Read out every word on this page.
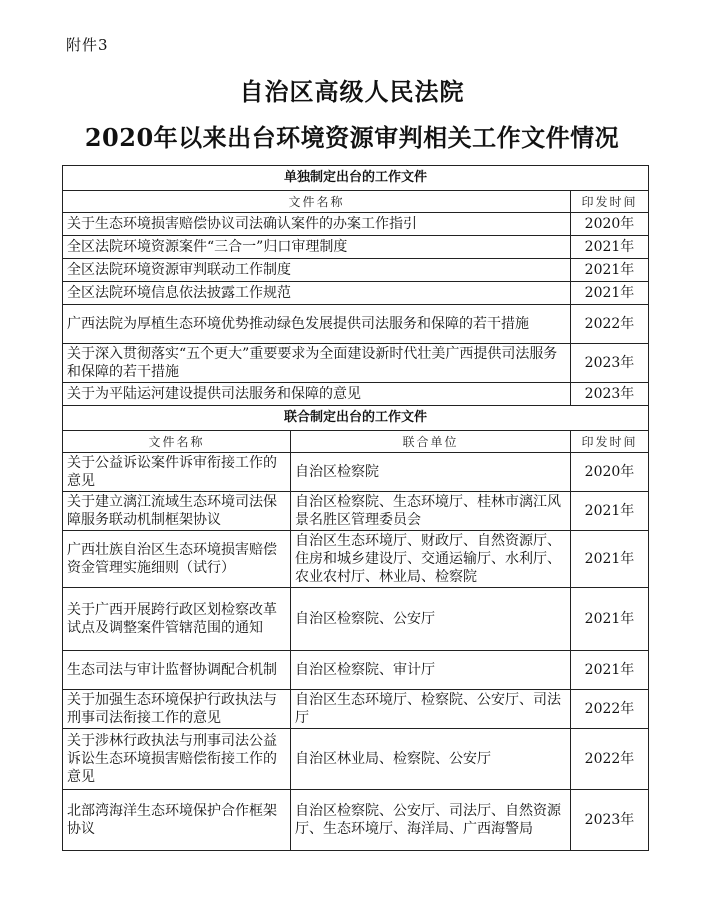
附件3
自治区高级人民法院
2020年以来出台环境资源审判相关工作文件情况
单独制定出台的工作文件		
文件名称		印发时间
关于生态环境损害赔偿协议司法确认案件的办案工作指引		2020年
全区法院环境资源案件“三合一”归口审理制度		2021年
全区法院环境资源审判联动工作制度		2021年
全区法院环境信息依法披露工作规范		2021年
广西法院为厚植生态环境优势推动绿色发展提供司法服务和保障的若干措施		2022年
关于深入贯彻落实“五个更大”重要要求为全面建设新时代壮美广西提供司法服务和保障的若干措施		2023年
关于为平陆运河建设提供司法服务和保障的意见		2023年
联合制定出台的工作文件		
文件名称	联合单位	印发时间
关于公益诉讼案件诉审衔接工作的意见	自治区检察院	2020年
关于建立漓江流域生态环境司法保障服务联动机制框架协议	自治区检察院、生态环境厅、桂林市漓江风景名胜区管理委员会	2021年
广西壮族自治区生态环境损害赔偿资金管理实施细则（试行）	自治区生态环境厅、财政厅、自然资源厅、住房和城乡建设厅、交通运输厅、水利厅、农业农村厅、林业局、检察院	2021年
关于广西开展跨行政区划检察改革试点及调整案件管辖范围的通知	自治区检察院、公安厅	2021年
生态司法与审计监督协调配合机制	自治区检察院、审计厅	2021年
关于加强生态环境保护行政执法与刑事司法衔接工作的意见	自治区生态环境厅、检察院、公安厅、司法厅	2022年
关于涉林行政执法与刑事司法公益诉讼生态环境损害赔偿衔接工作的意见	自治区林业局、检察院、公安厅	2022年
北部湾海洋生态环境保护合作框架协议	自治区检察院、公安厅、司法厅、自然资源厅、生态环境厅、海洋局、广西海警局	2023年
